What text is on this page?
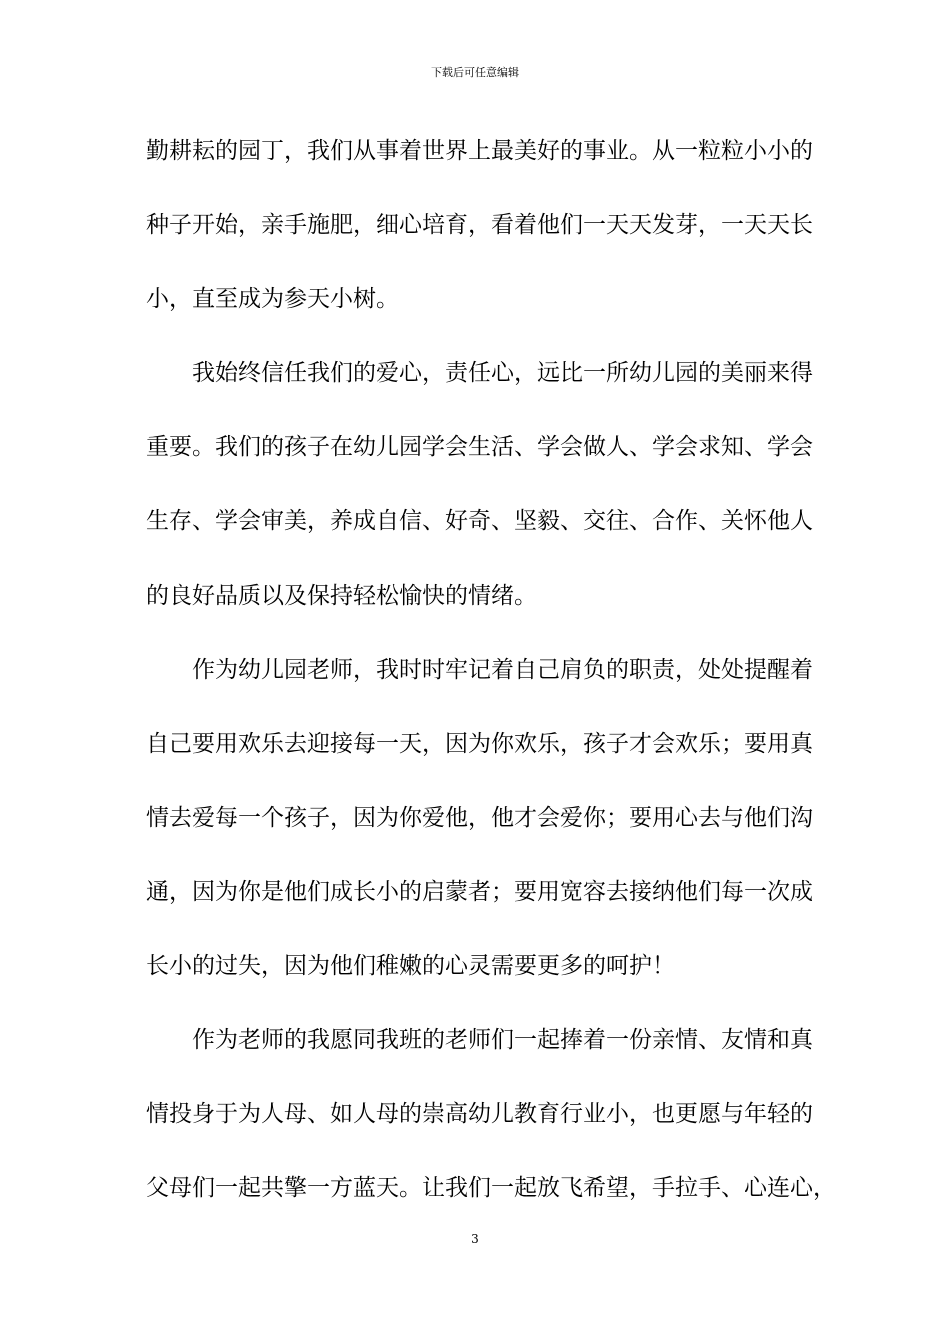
下载后可任意编辑
勤耕耘的园丁，我们从事着世界上最美好的事业。从一粒粒小小的
种子开始，亲手施肥，细心培育，看着他们一天天发芽，一天天长
小，直至成为参天小树。
我始终信任我们的爱心，责任心，远比一所幼儿园的美丽来得
重要。我们的孩子在幼儿园学会生活、学会做人、学会求知、学会
生存、学会审美，养成自信、好奇、坚毅、交往、合作、关怀他人
的良好品质以及保持轻松愉快的情绪。
作为幼儿园老师，我时时牢记着自己肩负的职责，处处提醒着
自己要用欢乐去迎接每一天，因为你欢乐，孩子才会欢乐；要用真
情去爱每一个孩子，因为你爱他，他才会爱你；要用心去与他们沟
通，因为你是他们成长小的启蒙者；要用宽容去接纳他们每一次成
长小的过失，因为他们稚嫩的心灵需要更多的呵护！
作为老师的我愿同我班的老师们一起捧着一份亲情、友情和真
情投身于为人母、如人母的崇高幼儿教育行业小，也更愿与年轻的
父母们一起共擎一方蓝天。让我们一起放飞希望，手拉手、心连心，
3
